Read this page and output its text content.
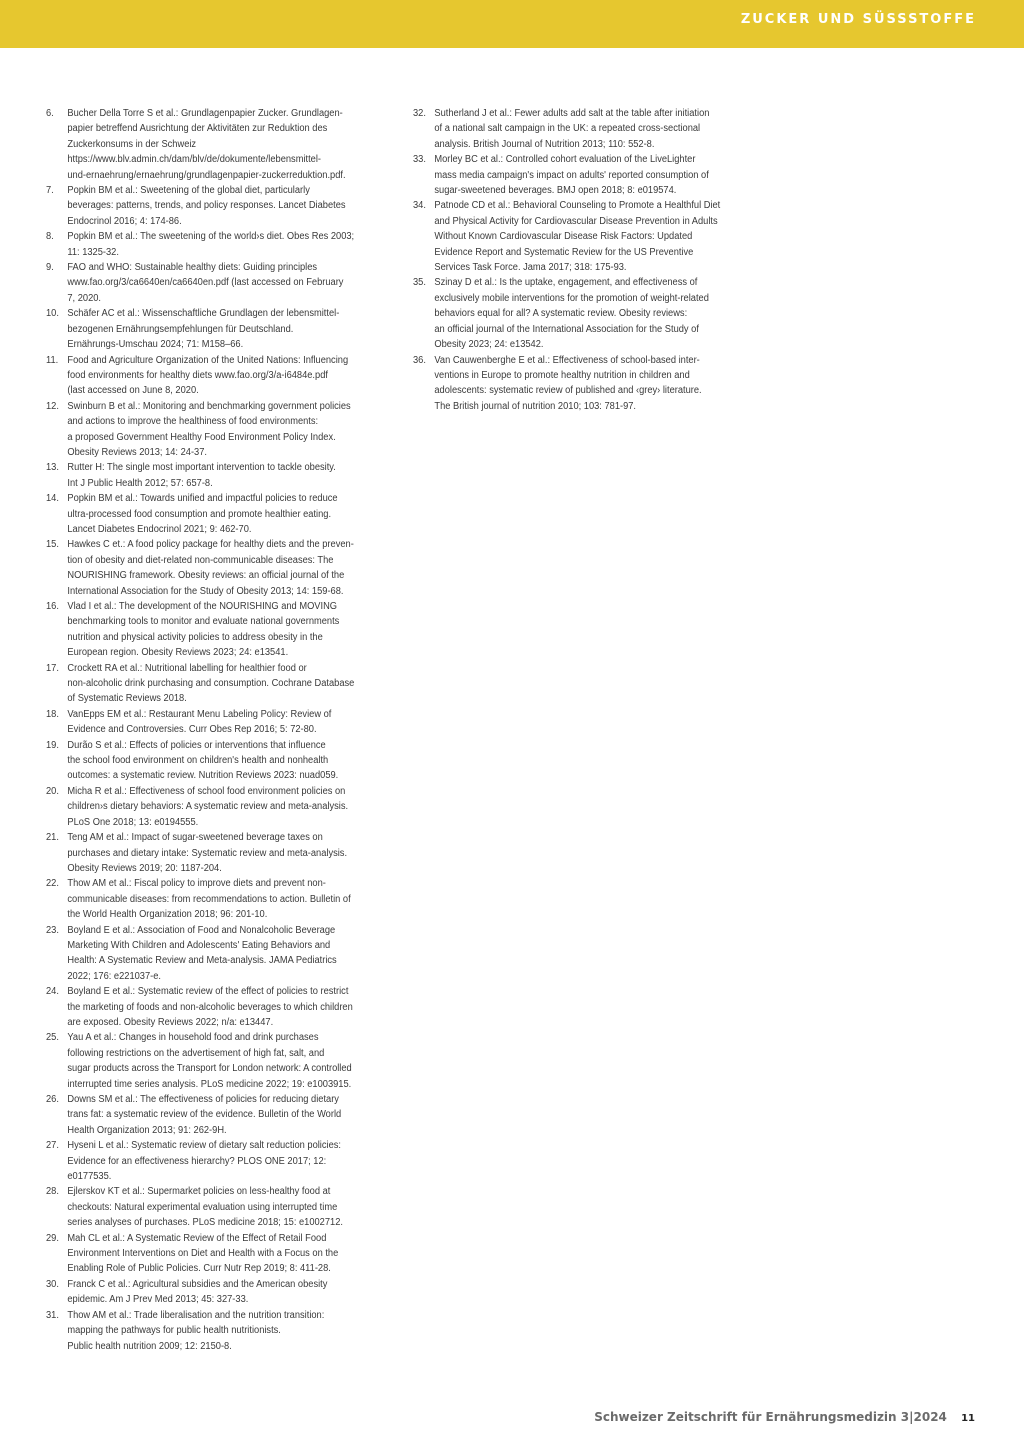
ZUCKER UND SÜSSSTOFFE
6. Bucher Della Torre S et al.: Grundlagenpapier Zucker. Grundlagen-
papier betreffend Ausrichtung der Aktivitäten zur Reduktion des
Zuckerkonsums in der Schweiz
https://www.blv.admin.ch/dam/blv/de/dokumente/lebensmittel-
und-ernaehrung/ernaehrung/grundlagenpapier-zuckerreduktion.pdf.
7. Popkin BM et al.: Sweetening of the global diet, particularly
beverages: patterns, trends, and policy responses. Lancet Diabetes
Endocrinol 2016; 4: 174-86.
8. Popkin BM et al.: The sweetening of the world›s diet. Obes Res 2003;
11: 1325-32.
9. FAO and WHO: Sustainable healthy diets: Guiding principles
www.fao.org/3/ca6640en/ca6640en.pdf (last accessed on February
7, 2020.
10. Schäfer AC et al.: Wissenschaftliche Grundlagen der lebensmittel-
bezogenen Ernährungsempfehlungen für Deutschland.
Ernährungs-Umschau 2024; 71: M158–66.
11. Food and Agriculture Organization of the United Nations: Influencing
food environments for healthy diets www.fao.org/3/a-i6484e.pdf
(last accessed on June 8, 2020.
12. Swinburn B et al.: Monitoring and benchmarking government policies
and actions to improve the healthiness of food environments:
a proposed Government Healthy Food Environment Policy Index.
Obesity Reviews 2013; 14: 24-37.
13. Rutter H: The single most important intervention to tackle obesity.
Int J Public Health 2012; 57: 657-8.
14. Popkin BM et al.: Towards unified and impactful policies to reduce
ultra-processed food consumption and promote healthier eating.
Lancet Diabetes Endocrinol 2021; 9: 462-70.
15. Hawkes C et.: A food policy package for healthy diets and the preven-
tion of obesity and diet-related non-communicable diseases: The
NOURISHING framework. Obesity reviews: an official journal of the
International Association for the Study of Obesity 2013; 14: 159-68.
16. Vlad I et al.: The development of the NOURISHING and MOVING
benchmarking tools to monitor and evaluate national governments
nutrition and physical activity policies to address obesity in the
European region. Obesity Reviews 2023; 24: e13541.
17. Crockett RA et al.: Nutritional labelling for healthier food or
non-alcoholic drink purchasing and consumption. Cochrane Database
of Systematic Reviews 2018.
18. VanEpps EM et al.: Restaurant Menu Labeling Policy: Review of
Evidence and Controversies. Curr Obes Rep 2016; 5: 72-80.
19. Durão S et al.: Effects of policies or interventions that influence
the school food environment on children's health and nonhealth
outcomes: a systematic review. Nutrition Reviews 2023: nuad059.
20. Micha R et al.: Effectiveness of school food environment policies on
children›s dietary behaviors: A systematic review and meta-analysis.
PLoS One 2018; 13: e0194555.
21. Teng AM et al.: Impact of sugar-sweetened beverage taxes on
purchases and dietary intake: Systematic review and meta-analysis.
Obesity Reviews 2019; 20: 1187-204.
22. Thow AM et al.: Fiscal policy to improve diets and prevent non-
communicable diseases: from recommendations to action. Bulletin of
the World Health Organization 2018; 96: 201-10.
23. Boyland E et al.: Association of Food and Nonalcoholic Beverage
Marketing With Children and Adolescents' Eating Behaviors and
Health: A Systematic Review and Meta-analysis. JAMA Pediatrics
2022; 176: e221037-e.
24. Boyland E et al.: Systematic review of the effect of policies to restrict
the marketing of foods and non-alcoholic beverages to which children
are exposed. Obesity Reviews 2022; n/a: e13447.
25. Yau A et al.: Changes in household food and drink purchases
following restrictions on the advertisement of high fat, salt, and
sugar products across the Transport for London network: A controlled
interrupted time series analysis. PLoS medicine 2022; 19: e1003915.
26. Downs SM et al.: The effectiveness of policies for reducing dietary
trans fat: a systematic review of the evidence. Bulletin of the World
Health Organization 2013; 91: 262-9H.
27. Hyseni L et al.: Systematic review of dietary salt reduction policies:
Evidence for an effectiveness hierarchy? PLOS ONE 2017; 12:
e0177535.
28. Ejlerskov KT et al.: Supermarket policies on less-healthy food at
checkouts: Natural experimental evaluation using interrupted time
series analyses of purchases. PLoS medicine 2018; 15: e1002712.
29. Mah CL et al.: A Systematic Review of the Effect of Retail Food
Environment Interventions on Diet and Health with a Focus on the
Enabling Role of Public Policies. Curr Nutr Rep 2019; 8: 411-28.
30. Franck C et al.: Agricultural subsidies and the American obesity
epidemic. Am J Prev Med 2013; 45: 327-33.
31. Thow AM et al.: Trade liberalisation and the nutrition transition:
mapping the pathways for public health nutritionists.
Public health nutrition 2009; 12: 2150-8.
32. Sutherland J et al.: Fewer adults add salt at the table after initiation
of a national salt campaign in the UK: a repeated cross-sectional
analysis. British Journal of Nutrition 2013; 110: 552-8.
33. Morley BC et al.: Controlled cohort evaluation of the LiveLighter
mass media campaign's impact on adults' reported consumption of
sugar-sweetened beverages. BMJ open 2018; 8: e019574.
34. Patnode CD et al.: Behavioral Counseling to Promote a Healthful Diet
and Physical Activity for Cardiovascular Disease Prevention in Adults
Without Known Cardiovascular Disease Risk Factors: Updated
Evidence Report and Systematic Review for the US Preventive
Services Task Force. Jama 2017; 318: 175-93.
35. Szinay D et al.: Is the uptake, engagement, and effectiveness of
exclusively mobile interventions for the promotion of weight-related
behaviors equal for all? A systematic review. Obesity reviews:
an official journal of the International Association for the Study of
Obesity 2023; 24: e13542.
36. Van Cauwenberghe E et al.: Effectiveness of school-based inter-
ventions in Europe to promote healthy nutrition in children and
adolescents: systematic review of published and ‹grey› literature.
The British journal of nutrition 2010; 103: 781-97.
Schweizer Zeitschrift für Ernährungsmedizin 3|2024 11
